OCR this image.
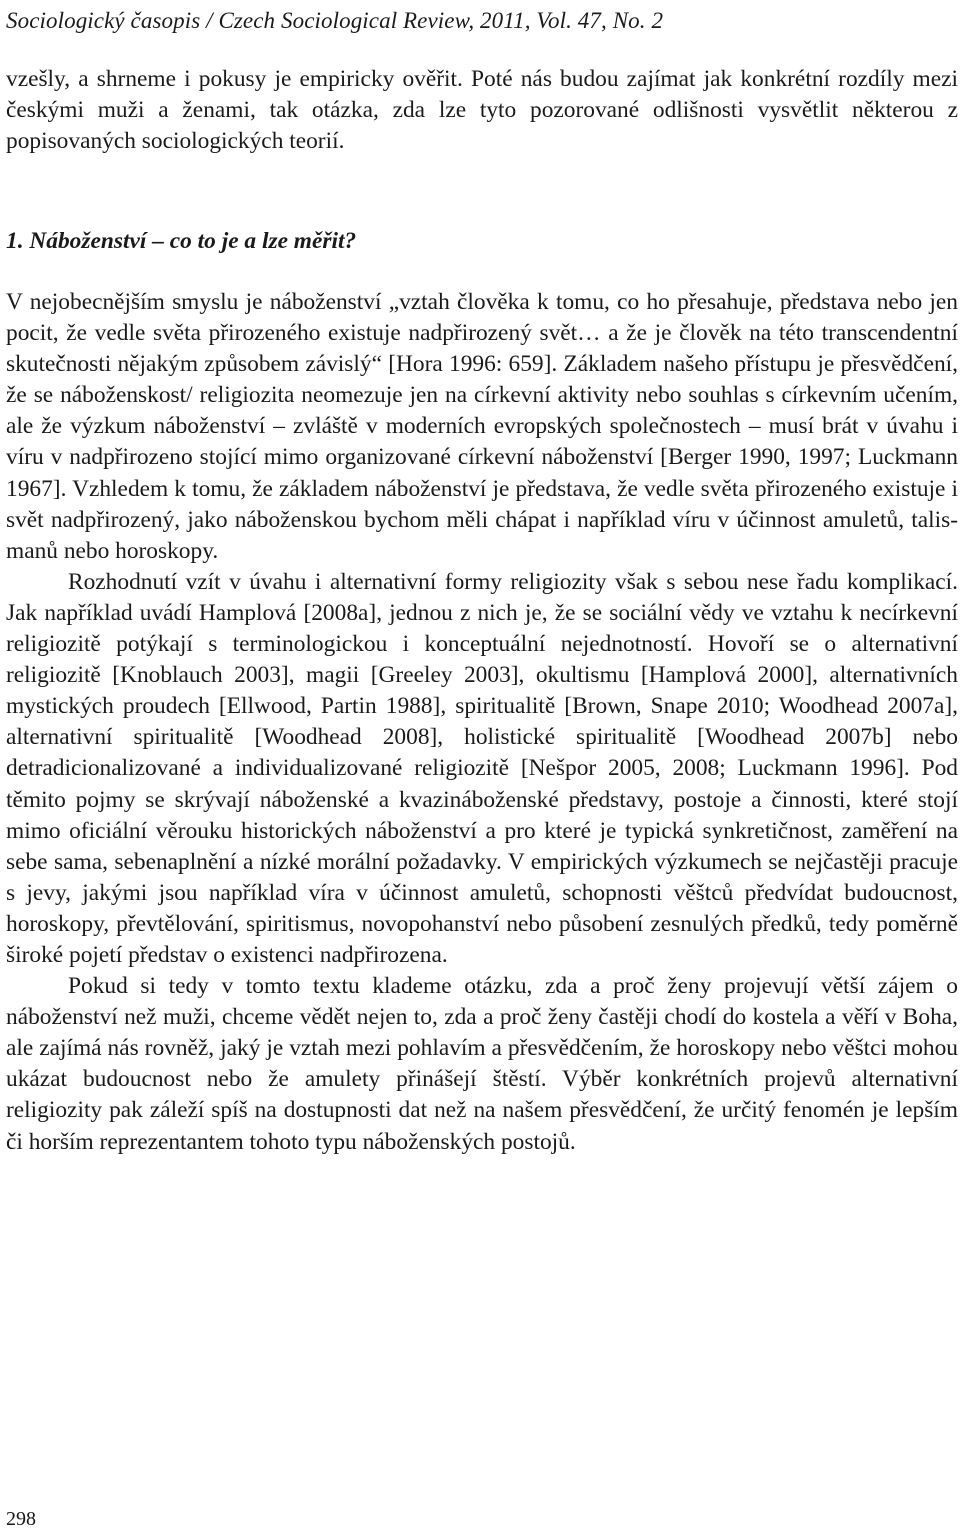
Sociologický časopis / Czech Sociological Review, 2011, Vol. 47, No. 2

vzešly, a shrneme i pokusy je empiricky ověřit. Poté nás budou zajímat jak konkrétní rozdíly mezi českými muži a ženami, tak otázka, zda lze tyto pozorované odlišnosti vysvětlit některou z popisovaných sociologických teorií.

1. Náboženství – co to je a lze měřit?

V nejobecnějším smyslu je náboženství „vztah člověka k tomu, co ho přesahuje, představa nebo jen pocit, že vedle světa přirozeného existuje nadpřirozený svět… a že je člověk na této transcendentní skutečnosti nějakým způsobem závislý“ [Hora 1996: 659]. Základem našeho přístupu je přesvědčení, že se náboženskost/ religiozita neomezuje jen na církevní aktivity nebo souhlas s církevním učením, ale že výzkum náboženství – zvláště v moderních evropských společnostech – musí brát v úvahu i víru v nadpřirozeno stojící mimo organizované církevní náboženství [Berger 1990, 1997; Luckmann 1967]. Vzhledem k tomu, že základem náboženství je představa, že vedle světa přirozeného existuje i svět nadpřirozený, jako náboženskou bychom měli chápat i například víru v účinnost amuletů, talismanů nebo horoskopy.

Rozhodnutí vzít v úvahu i alternativní formy religiozity však s sebou nese řadu komplikací. Jak například uvádí Hamplová [2008a], jednou z nich je, že se sociální vědy ve vztahu k necírkevní religiozitě potýkají s terminologickou i konceptuální nejednotností. Hovoří se o alternativní religiozitě [Knoblauch 2003], magii [Greeley 2003], okultismu [Hamplová 2000], alternativních mystických proudech [Ellwood, Partin 1988], spiritualitě [Brown, Snape 2010; Woodhead 2007a], alternativní spiritualitě [Woodhead 2008], holistické spiritualitě [Woodhead 2007b] nebo detradicionalizované a individualizované religiozitě [Nešpor 2005, 2008; Luckmann 1996]. Pod těmito pojmy se skrývají náboženské a kvazináboženské představy, postoje a činnosti, které stojí mimo oficiální věrouku historických náboženství a pro které je typická synkretičnost, zaměření na sebe sama, sebenaplnění a nízké morální požadavky. V empirických výzkumech se nejčastěji pracuje s jevy, jakými jsou například víra v účinnost amuletů, schopnosti věštců předvídat budoucnost, horoskopy, převtělování, spiritismus, novopohanství nebo působení zesnulých předků, tedy poměrně široké pojetí představ o existenci nadpřirozena.

Pokud si tedy v tomto textu klademe otázku, zda a proč ženy projevují větší zájem o náboženství než muži, chceme vědět nejen to, zda a proč ženy častěji chodí do kostela a věří v Boha, ale zajímá nás rovněž, jaký je vztah mezi pohlavím a přesvědčením, že horoskopy nebo věštci mohou ukázat budoucnost nebo že amulety přinášejí štěstí. Výběr konkrétních projevů alternativní religiozity pak záleží spíš na dostupnosti dat než na našem přesvědčení, že určitý fenomén je lepším či horším reprezentantem tohoto typu náboženských postojů.

298
